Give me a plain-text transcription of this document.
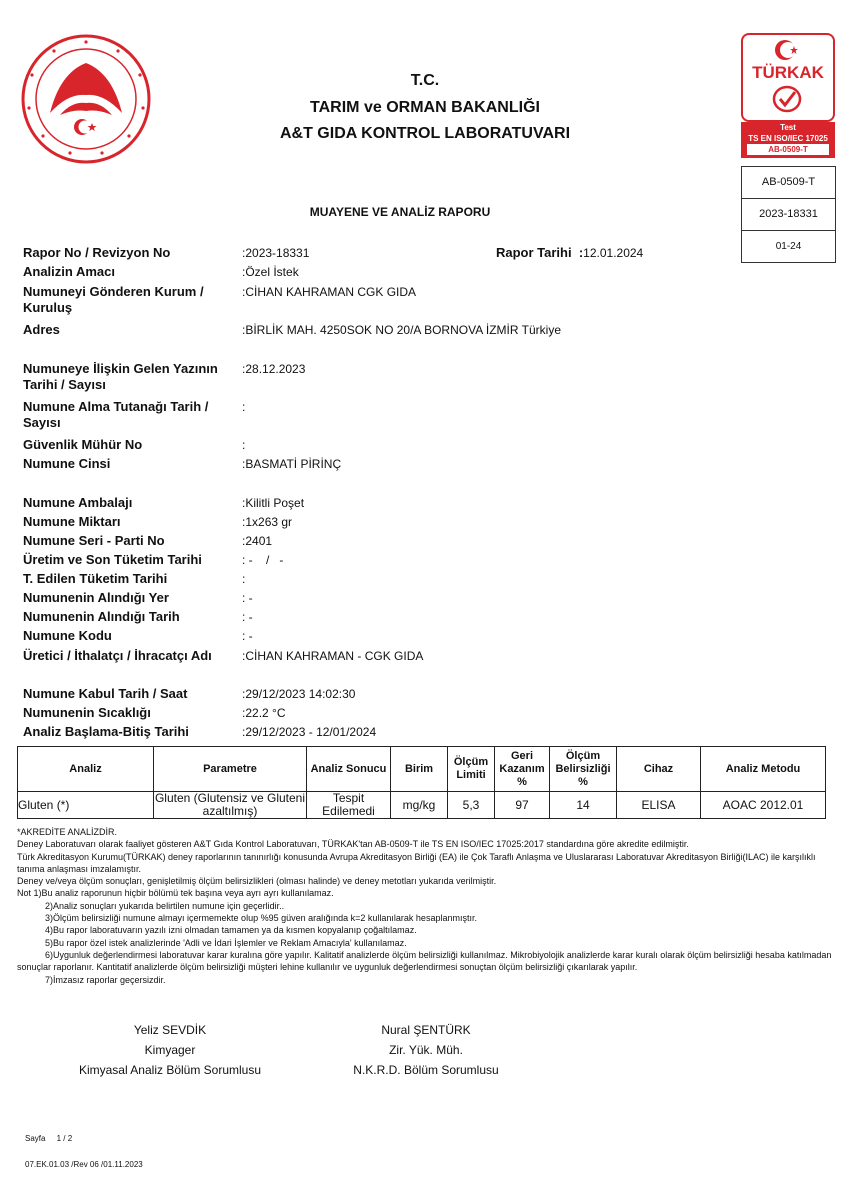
T.C.
TARIM ve ORMAN BAKANLIĞI
A&T GIDA KONTROL LABORATUVARI
TÜRKAK
Test
TS EN ISO/IEC 17025
AB-0509-T
AB-0509-T
2023-18331
01-24
MUAYENE VE ANALİZ RAPORU
Rapor Tarihi  :12.01.2024
Rapor No / Revizyon No	:2023-18331
Analizin Amacı	:Özel İstek
Numuneyi Gönderen Kurum / Kuruluş
:CİHAN KAHRAMAN CGK GIDA
Adres	:BİRLİK MAH. 4250SOK NO 20/A BORNOVA İZMİR Türkiye
Numuneye İlişkin Gelen Yazının Tarihi / Sayısı
:28.12.2023
Numune Alma Tutanağı Tarih / Sayısı
:
Güvenlik Mühür No	:
Numune Cinsi	:BASMATİ PİRİNÇ
Numune Ambalajı	:Kilitli Poşet
Numune Miktarı	:1x263 gr
Numune Seri - Parti No	:2401
Üretim ve Son Tüketim Tarihi	: -    /   -
T. Edilen Tüketim Tarihi	:
Numunenin Alındığı Yer	: -
Numunenin Alındığı Tarih	: -
Numune Kodu	: -
Üretici / İthalatçı / İhracatçı Adı	:CİHAN KAHRAMAN - CGK GIDA
Numune Kabul Tarih / Saat	:29/12/2023 14:02:30
Numunenin Sıcaklığı	:22.2 °C
Analiz Başlama-Bitiş Tarihi	:29/12/2023 - 12/01/2024
Analiz	Parametre	Analiz Sonucu	Birim	Ölçüm Limiti	Geri Kazanım %	Ölçüm Belirsizliği %	Cihaz	Analiz Metodu
Gluten (*)	Gluten (Glutensiz ve Gluteni azaltılmış)	Tespit Edilemedi	mg/kg	5,3	97	14	ELISA	AOAC 2012.01

*AKREDİTE ANALİZDİR.

Deney Laboratuvarı olarak faaliyet gösteren A&T Gıda Kontrol Laboratuvarı, TÜRKAK'tan AB-0509-T ile TS EN ISO/IEC 17025:2017 standardına göre akredite edilmiştir.

Türk Akreditasyon Kurumu(TÜRKAK) deney raporlarının tanınırlığı konusunda Avrupa Akreditasyon Birliği (EA) ile Çok Taraflı Anlaşma ve Uluslararası Laboratuvar Akreditasyon Birliği(ILAC) ile karşılıklı tanıma anlaşması imzalamıştır.

Deney ve/veya ölçüm sonuçları, genişletilmiş ölçüm belirsizlikleri (olması halinde) ve deney metotları yukarıda verilmiştir.

Not 1)Bu analiz raporunun hiçbir bölümü tek başına veya ayrı ayrı kullanılamaz.

2)Analiz sonuçları yukarıda belirtilen numune için geçerlidir..

3)Ölçüm belirsizliği numune almayı içermemekte olup %95 güven aralığında k=2 kullanılarak hesaplanmıştır.

4)Bu rapor laboratuvarın yazılı izni olmadan tamamen ya da kısmen kopyalanıp çoğaltılamaz.

5)Bu rapor özel istek analizlerinde 'Adli ve İdari İşlemler ve Reklam Amacıyla' kullanılamaz.

6)Uygunluk değerlendirmesi laboratuvar karar kuralına göre yapılır. Kalitatif analizlerde ölçüm belirsizliği kullanılmaz. Mikrobiyolojik analizlerde karar kuralı olarak ölçüm belirsizliği hesaba katılmadan sonuçlar raporlanır. Kantitatif analizlerde ölçüm belirsizliği müşteri lehine kullanılır ve uygunluk değerlendirmesi sonuçtan ölçüm belirsizliği çıkarılarak yapılır.

7)İmzasız raporlar geçersizdir.

Yeliz SEVDİK
Kimyager
Kimyasal Analiz Bölüm Sorumlusu
Nural ŞENTÜRK
Zir. Yük. Müh.
N.K.R.D. Bölüm Sorumlusu
Sayfa 1 / 2
07.EK.01.03 /Rev 06 /01.11.2023
